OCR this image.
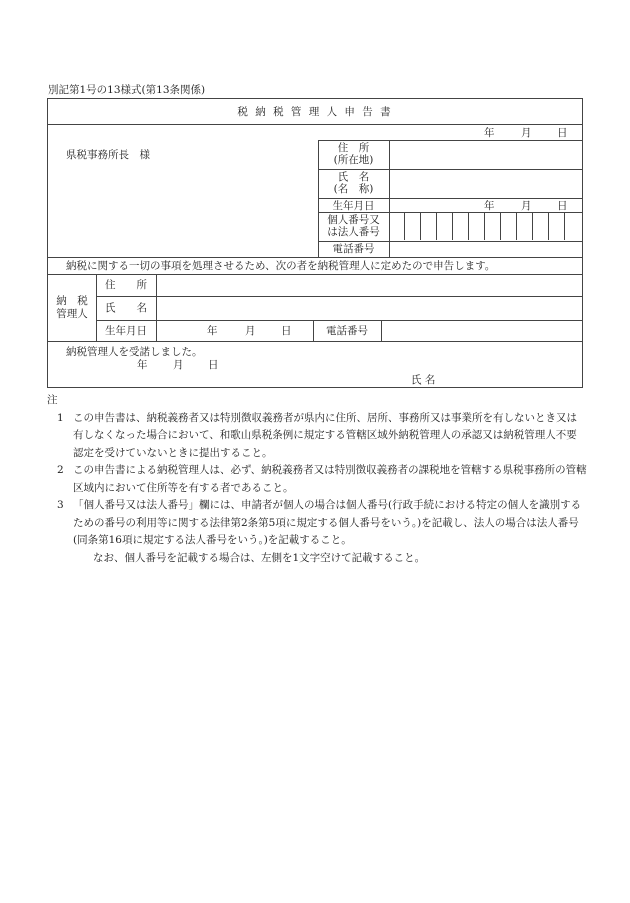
別記第1号の13様式(第13条関係)
税 納 税 管 理 人 申 告 書
年	月 日
県税事務所長　様
住　所
(所在地)
氏　名
(名　称)
生年月日	年	月 日
個人番号又
は法人番号
電話番号
納税に関する一切の事項を処理させるため、次の者を納税管理人に定めたので申告します。
納　税
管理人
住　　所
氏　　名
生年月日	年	月 日	電話番号
納税管理人を受諾しました。
年 月 日
氏 名
注
1 この申告書は、納税義務者又は特別徴収義務者が県内に住所、居所、事務所又は事業所を有しないとき又は有しなくなった場合において、和歌山県税条例に規定する管轄区域外納税管理人の承認又は納税管理人不要認定を受けていないときに提出すること。
2 この申告書による納税管理人は、必ず、納税義務者又は特別徴収義務者の課税地を管轄する県税事務所の管轄区域内において住所等を有する者であること。
3 「個人番号又は法人番号」欄には、申請者が個人の場合は個人番号(行政手続における特定の個人を識別するための番号の利用等に関する法律第2条第5項に規定する個人番号をいう。)を記載し、法人の場合は法人番号(同条第16項に規定する法人番号をいう。)を記載すること。
なお、個人番号を記載する場合は、左側を1文字空けて記載すること。
